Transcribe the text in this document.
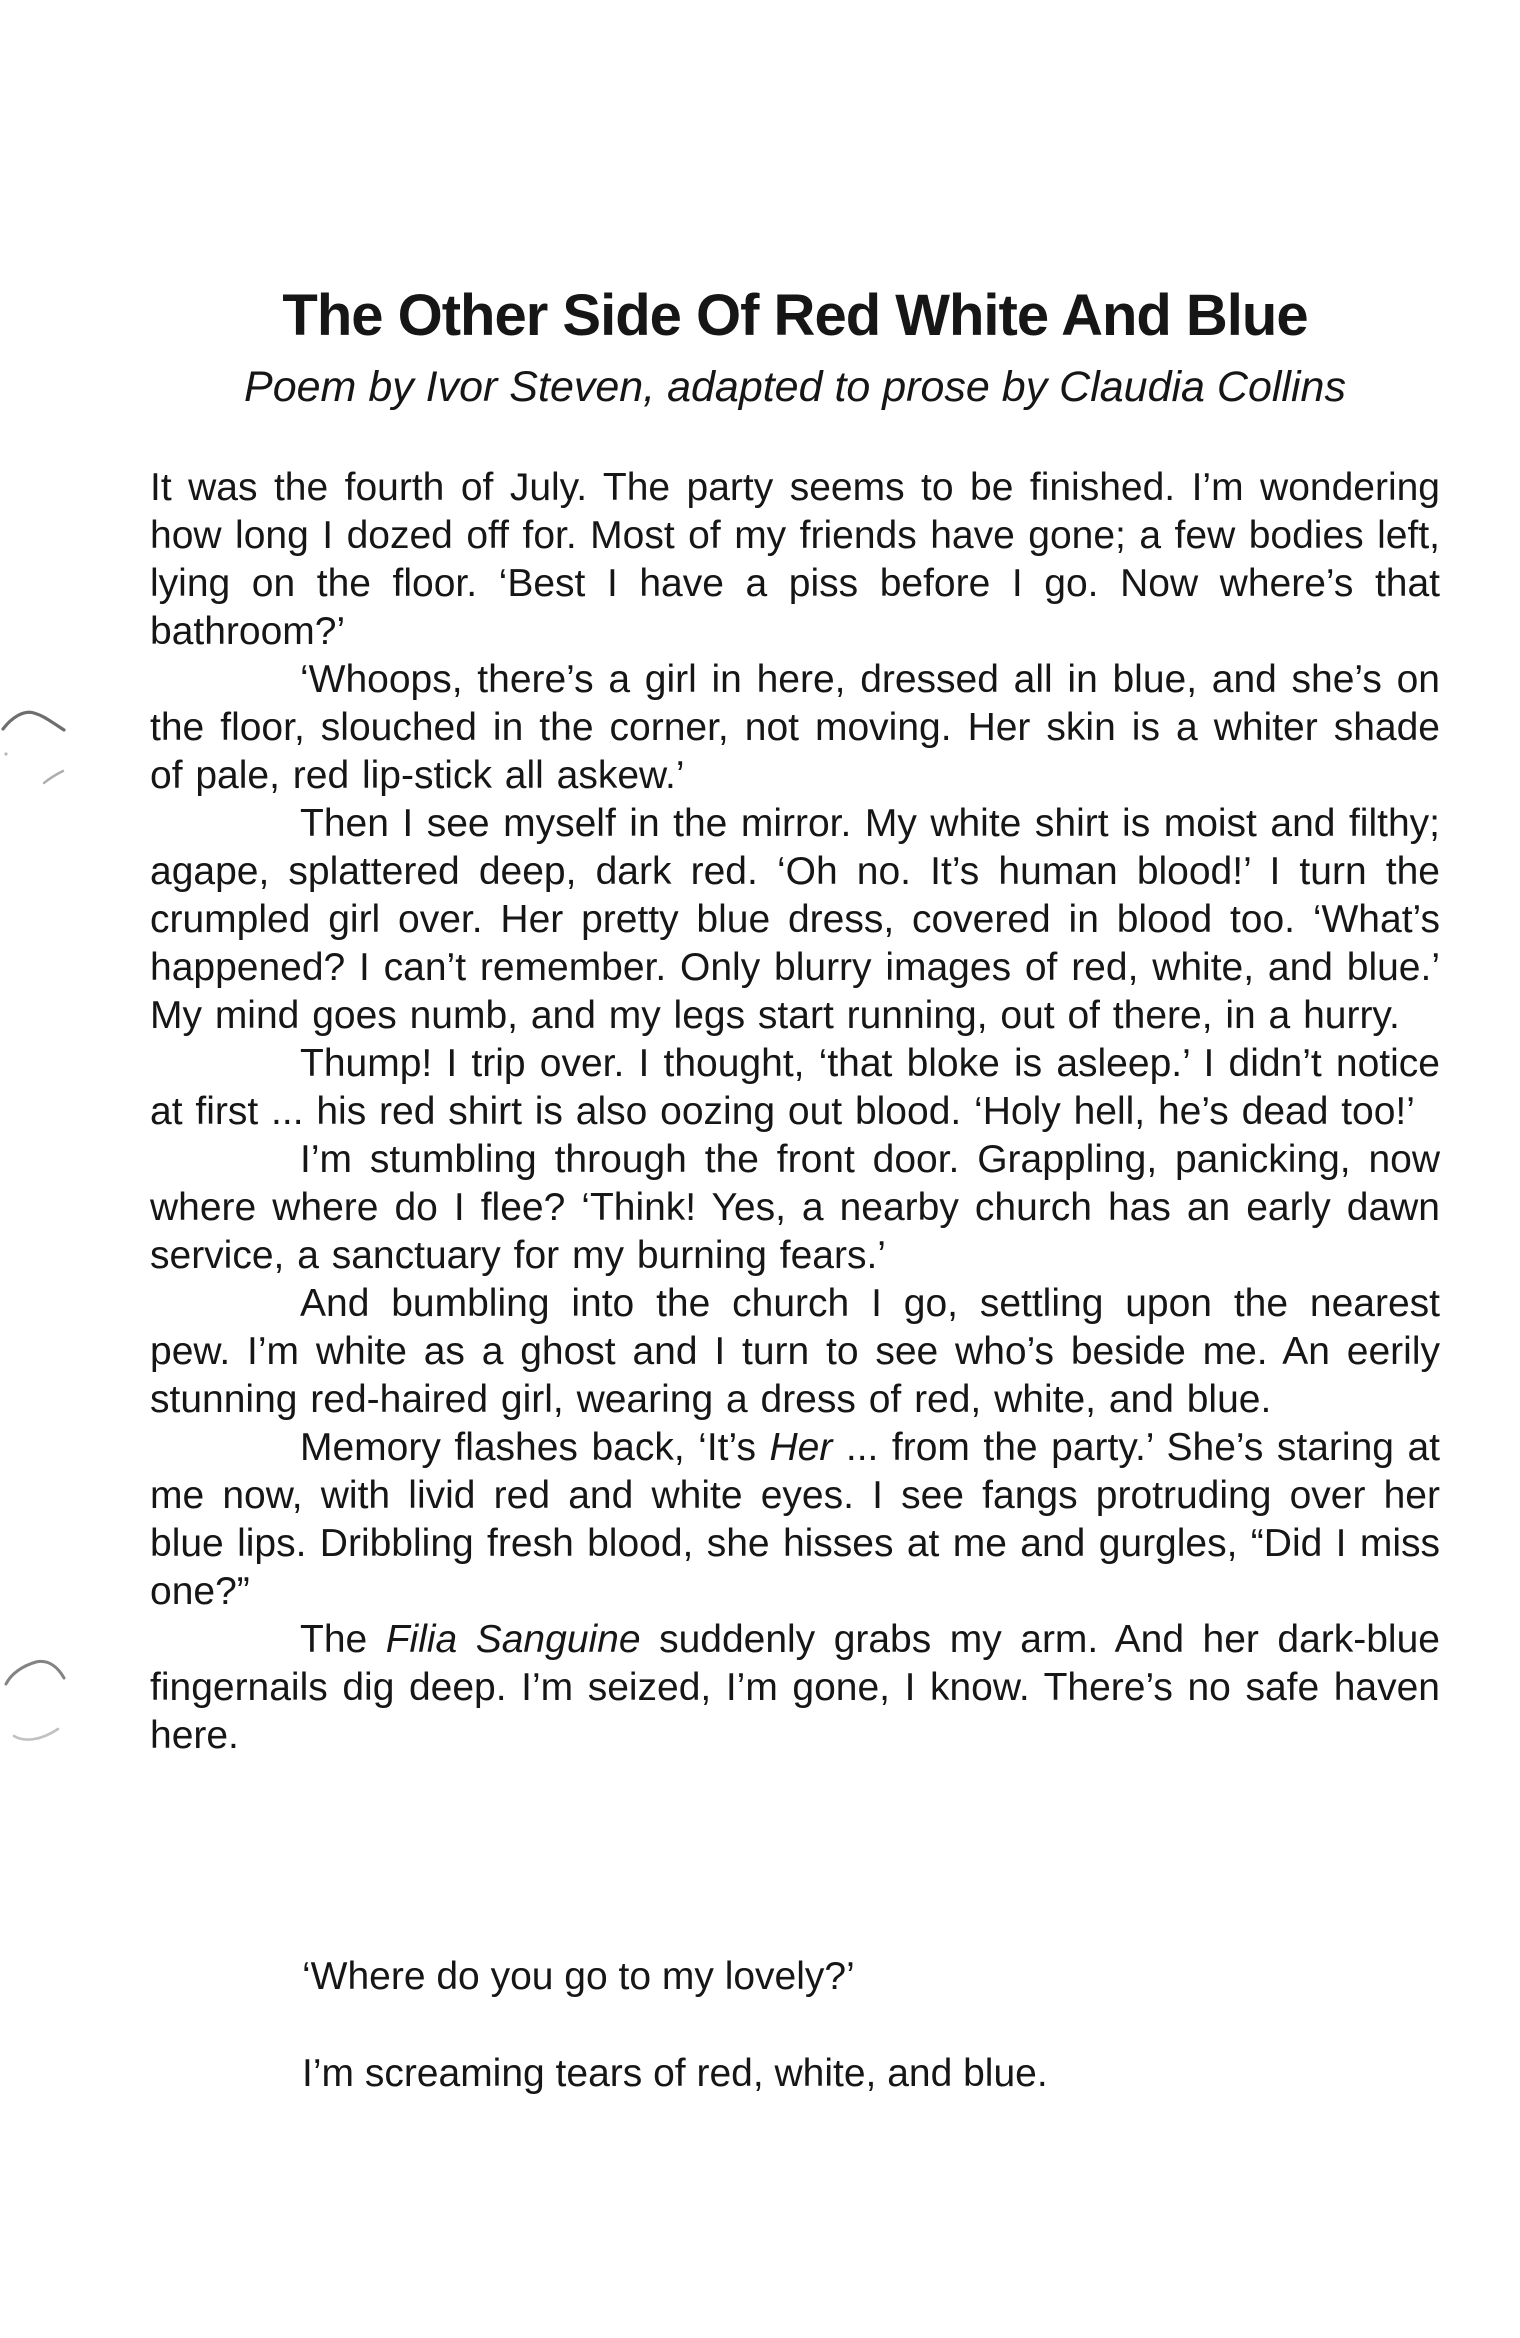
The Other Side Of Red White And Blue
Poem by Ivor Steven, adapted to prose by Claudia Collins

It was the fourth of July. The party seems to be finished. I’m wondering how long I dozed off for. Most of my friends have gone; a few bodies left, lying on the floor. ‘Best I have a piss before I go. Now where’s that bathroom?’

‘Whoops, there’s a girl in here, dressed all in blue, and she’s on the floor, slouched in the corner, not moving. Her skin is a whiter shade of pale, red lip-stick all askew.’

Then I see myself in the mirror. My white shirt is moist and filthy; agape, splattered deep, dark red. ‘Oh no. It’s human blood!’ I turn the crumpled girl over. Her pretty blue dress, covered in blood too. ‘What’s happened? I can’t remember. Only blurry images of red, white, and blue.’ My mind goes numb, and my legs start running, out of there, in a hurry.

Thump! I trip over. I thought, ‘that bloke is asleep.’ I didn’t notice at first ... his red shirt is also oozing out blood. ‘Holy hell, he’s dead too!’

I’m stumbling through the front door. Grappling, panicking, now where where do I flee? ‘Think! Yes, a nearby church has an early dawn service, a sanctuary for my burning fears.’

And bumbling into the church I go, settling upon the nearest pew. I’m white as a ghost and I turn to see who’s beside me. An eerily stunning red-haired girl, wearing a dress of red, white, and blue.

Memory flashes back, ‘It’s Her ... from the party.’ She’s staring at me now, with livid red and white eyes. I see fangs protruding over her blue lips. Dribbling fresh blood, she hisses at me and gurgles, “Did I miss one?”

The Filia Sanguine suddenly grabs my arm. And her dark-blue fingernails dig deep. I’m seized, I’m gone, I know. There’s no safe haven here.

‘Where do you go to my lovely?’

I’m screaming tears of red, white, and blue.
